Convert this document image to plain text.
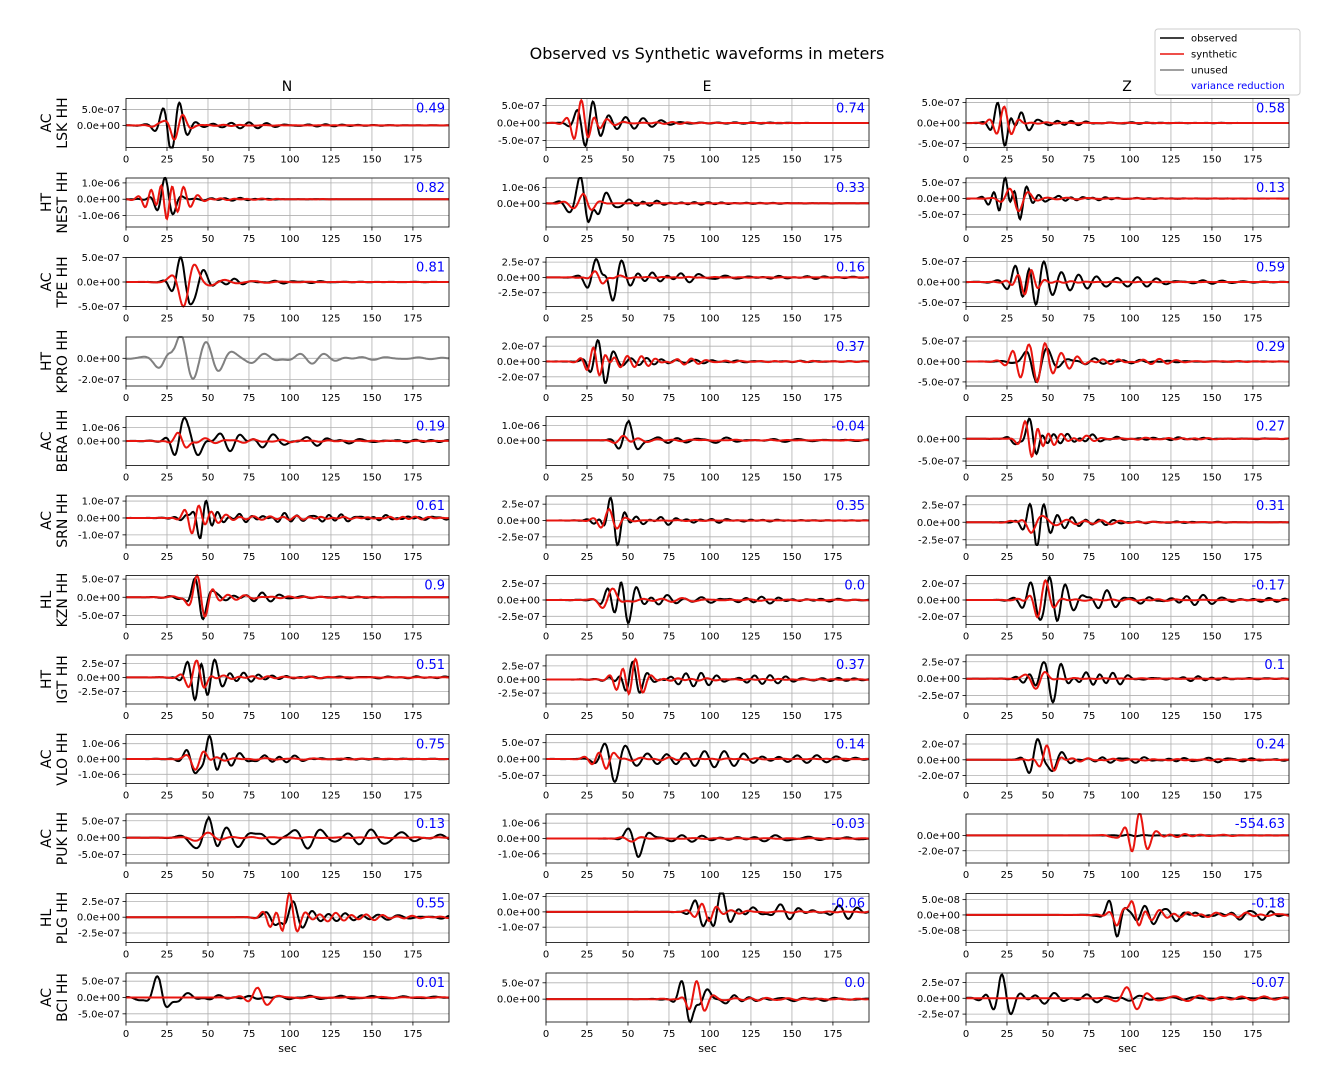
Observed vs Synthetic waveforms in meters
N	E	Z
observed
synthetic
unused
variance reduction
AC LSK HH 5.0e-07
0.0e+00
0	25	50	75	100 125 150 175
0.49	5.0e-07
0.0e+00
-5.0e-07
0	25	50	75	100 125 150 175
0.74	5.0e-07
0.0e+00
-5.0e-07
0	25	50	75	100 125 150 175
0.58
HT NEST HH 1.0e-06
0.0e+00
-1.0e-06
0	25	50	75	100 125 150 175
0.82	1.0e-06
0.0e+00
0	25	50	75	100 125 150 175
0.33	5.0e-07
0.0e+00
-5.0e-07
0	25	50	75	100 125 150 175
0.13
AC TPE HH 5.0e-07
0.0e+00
-5.0e-07
0	25	50	75	100 125 150 175
0.81	2.5e-07
0.0e+00
-2.5e-07
0	25	50	75	100 125 150 175
0.16	5.0e-07
0.0e+00
-5.0e-07
0	25	50	75	100 125 150 175
0.59
HT KPRO HH 0.0e+00
-2.0e-07
0	25	50	75	100 125 150 175
2.0e-07
0.0e+00
-2.0e-07
0	25	50	75	100 125 150 175
0.37	5.0e-07
0.0e+00
-5.0e-07
0	25	50	75	100 125 150 175
0.29
AC BERA HH 1.0e-06
0.0e+00
0	25	50	75	100 125 150 175
0.19	1.0e-06
0.0e+00
0	25	50	75	100 125 150 175
-0.04
0.0e+00
-5.0e-07
0	25	50	75	100 125 150 175
0.27
AC SRN HH 1.0e-07
0.0e+00
-1.0e-07
0	25	50	75	100 125 150 175
0.61	2.5e-07
0.0e+00
-2.5e-07
0	25	50	75	100 125 150 175
0.35	2.5e-07
0.0e+00
-2.5e-07
0	25	50	75	100 125 150 175
0.31
HL KZN HH 5.0e-07
0.0e+00
-5.0e-07
0	25	50	75	100 125 150 175
0.9	2.5e-07
0.0e+00
-2.5e-07
0	25	50	75	100 125 150 175
0.0	2.0e-07
0.0e+00
-2.0e-07
0	25	50	75	100 125 150 175
-0.17
HT IGT HH 2.5e-07
0.0e+00
-2.5e-07
0	25	50	75	100 125 150 175
0.51	2.5e-07
0.0e+00
-2.5e-07
0	25	50	75	100 125 150 175
0.37	2.5e-07
0.0e+00
-2.5e-07
0	25	50	75	100 125 150 175
0.1
AC VLO HH 1.0e-06
0.0e+00
-1.0e-06
0	25	50	75	100 125 150 175
0.75	5.0e-07
0.0e+00
-5.0e-07
0	25	50	75	100 125 150 175
0.14	2.0e-07
0.0e+00
-2.0e-07
0	25	50	75	100 125 150 175
0.24
AC PUK HH 5.0e-07
0.0e+00
-5.0e-07
0	25	50	75	100 125 150 175
0.13	1.0e-06
0.0e+00
-1.0e-06
0	25	50	75	100 125 150 175
-0.03
0.0e+00
-2.0e-07
0	25	50	75	100 125 150 175
-554.63
HL PLG HH 2.5e-07
0.0e+00
-2.5e-07
0	25	50	75	100 125 150 175
0.55	1.0e-07
0.0e+00
-1.0e-07
0	25	50	75	100 125 150 175
-0.06	5.0e-08
0.0e+00
-5.0e-08
0	25	50	75	100 125 150 175
-0.18
AC BCI HH 5.0e-07
0.0e+00
-5.0e-07
0	25	50	75	100 125 150 175
0.01
sec
5.0e-07
0.0e+00
0	25	50	75	100 125 150 175
0.0
sec
2.5e-07
0.0e+00
-2.5e-07
0	25	50	75	100 125 150 175
-0.07
sec
